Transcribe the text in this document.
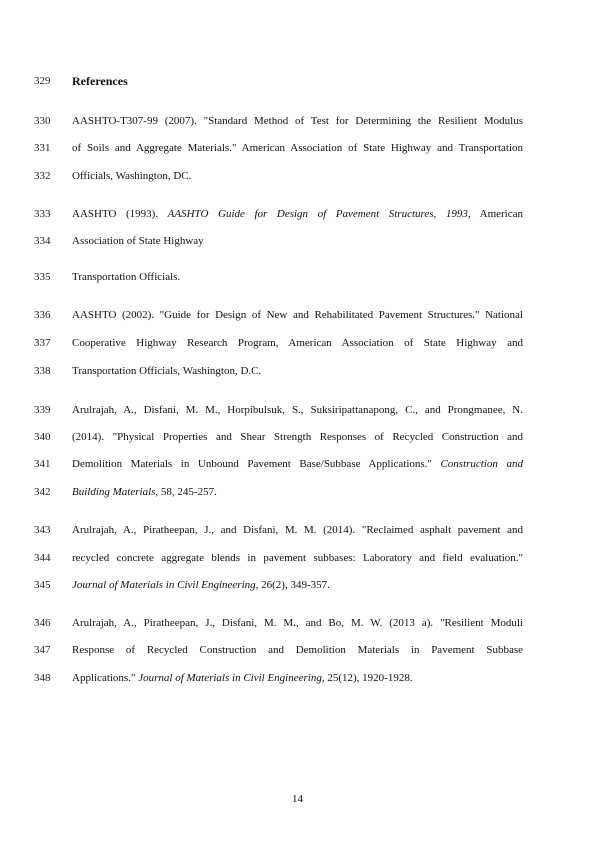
329	References
330	AASHTO-T307-99 (2007). "Standard Method of Test for Determining the Resilient Modulus
331	of Soils and Aggregate Materials." American Association of State Highway and Transportation
332	Officials, Washington, DC.
333	AASHTO (1993). AASHTO Guide for Design of Pavement Structures, 1993, American
334	Association of State Highway
335	Transportation Officials.
336	AASHTO (2002). "Guide for Design of New and Rehabilitated Pavement Structures." National
337	Cooperative Highway Research Program, American Association of State Highway and
338	Transportation Officials, Washington, D.C.
339	Arulrajah, A., Disfani, M. M., Horpibulsuk, S., Suksiripattanapong, C., and Prongmanee, N.
340	(2014). "Physical Properties and Shear Strength Responses of Recycled Construction and
341	Demolition Materials in Unbound Pavement Base/Subbase Applications." Construction and
342	Building Materials, 58, 245-257.
343	Arulrajah, A., Piratheepan, J., and Disfani, M. M. (2014). "Reclaimed asphalt pavement and
344	recycled concrete aggregate blends in pavement subbases: Laboratory and field evaluation."
345	Journal of Materials in Civil Engineering, 26(2), 349-357.
346	Arulrajah, A., Piratheepan, J., Disfani, M. M., and Bo, M. W. (2013 a). "Resilient Moduli
347	Response of Recycled Construction and Demolition Materials in Pavement Subbase
348	Applications." Journal of Materials in Civil Engineering, 25(12), 1920-1928.
14
